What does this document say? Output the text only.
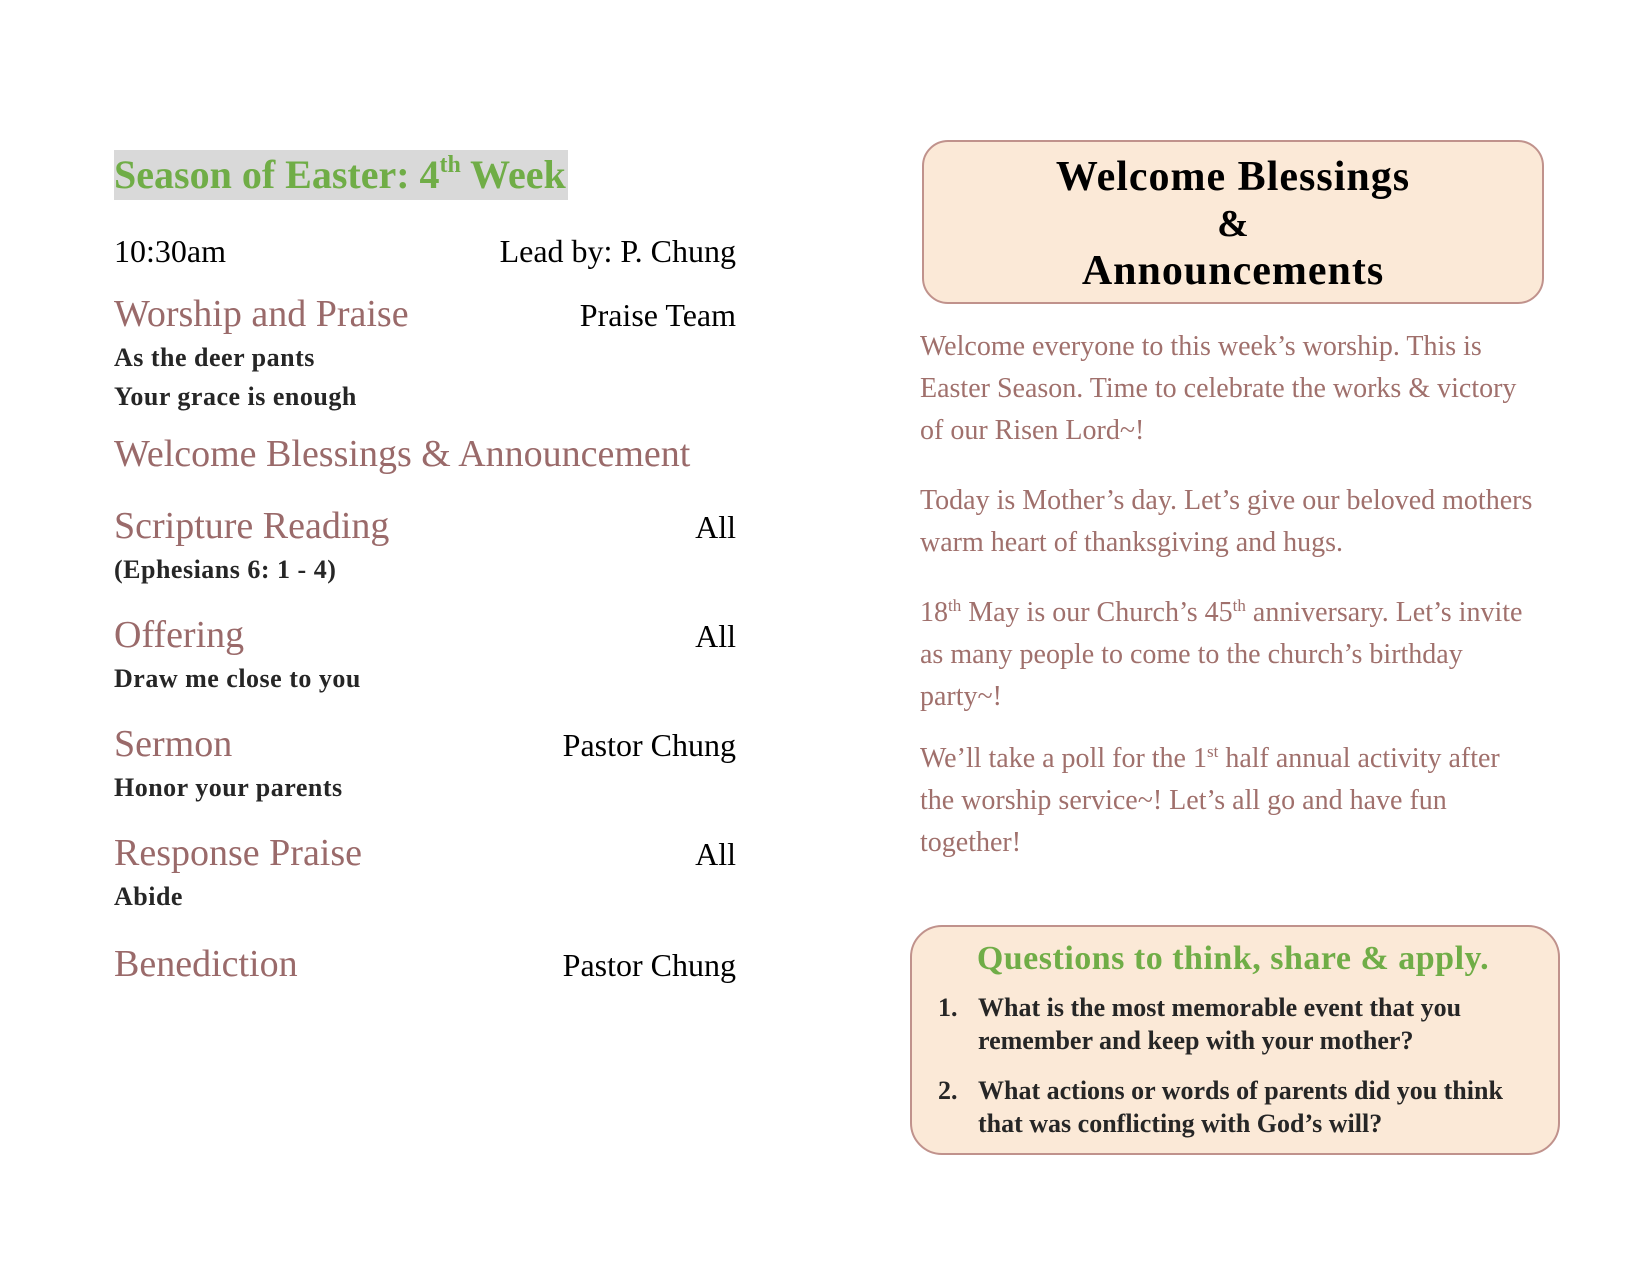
Season of Easter: 4th Week
10:30am	Lead by: P. Chung
Worship and Praise	Praise Team
As the deer pants
Your grace is enough
Welcome Blessings & Announcement
Scripture Reading	All
(Ephesians 6: 1 - 4)
Offering	All
Draw me close to you
Sermon	Pastor Chung
Honor your parents
Response Praise	All
Abide
Benediction	Pastor Chung
Welcome Blessings
&
Announcements

Welcome everyone to this week’s worship. This is Easter Season. Time to celebrate the works & victory of our Risen Lord~!

Today is Mother’s day. Let’s give our beloved mothers warm heart of thanksgiving and hugs.

18th May is our Church’s 45th anniversary. Let’s invite as many people to come to the church’s birthday party~!

We’ll take a poll for the 1st half annual activity after the worship service~! Let’s all go and have fun together!

Questions to think, share & apply.
1. What is the most memorable event that you remember and keep with your mother?
2. What actions or words of parents did you think that was conflicting with God’s will?
